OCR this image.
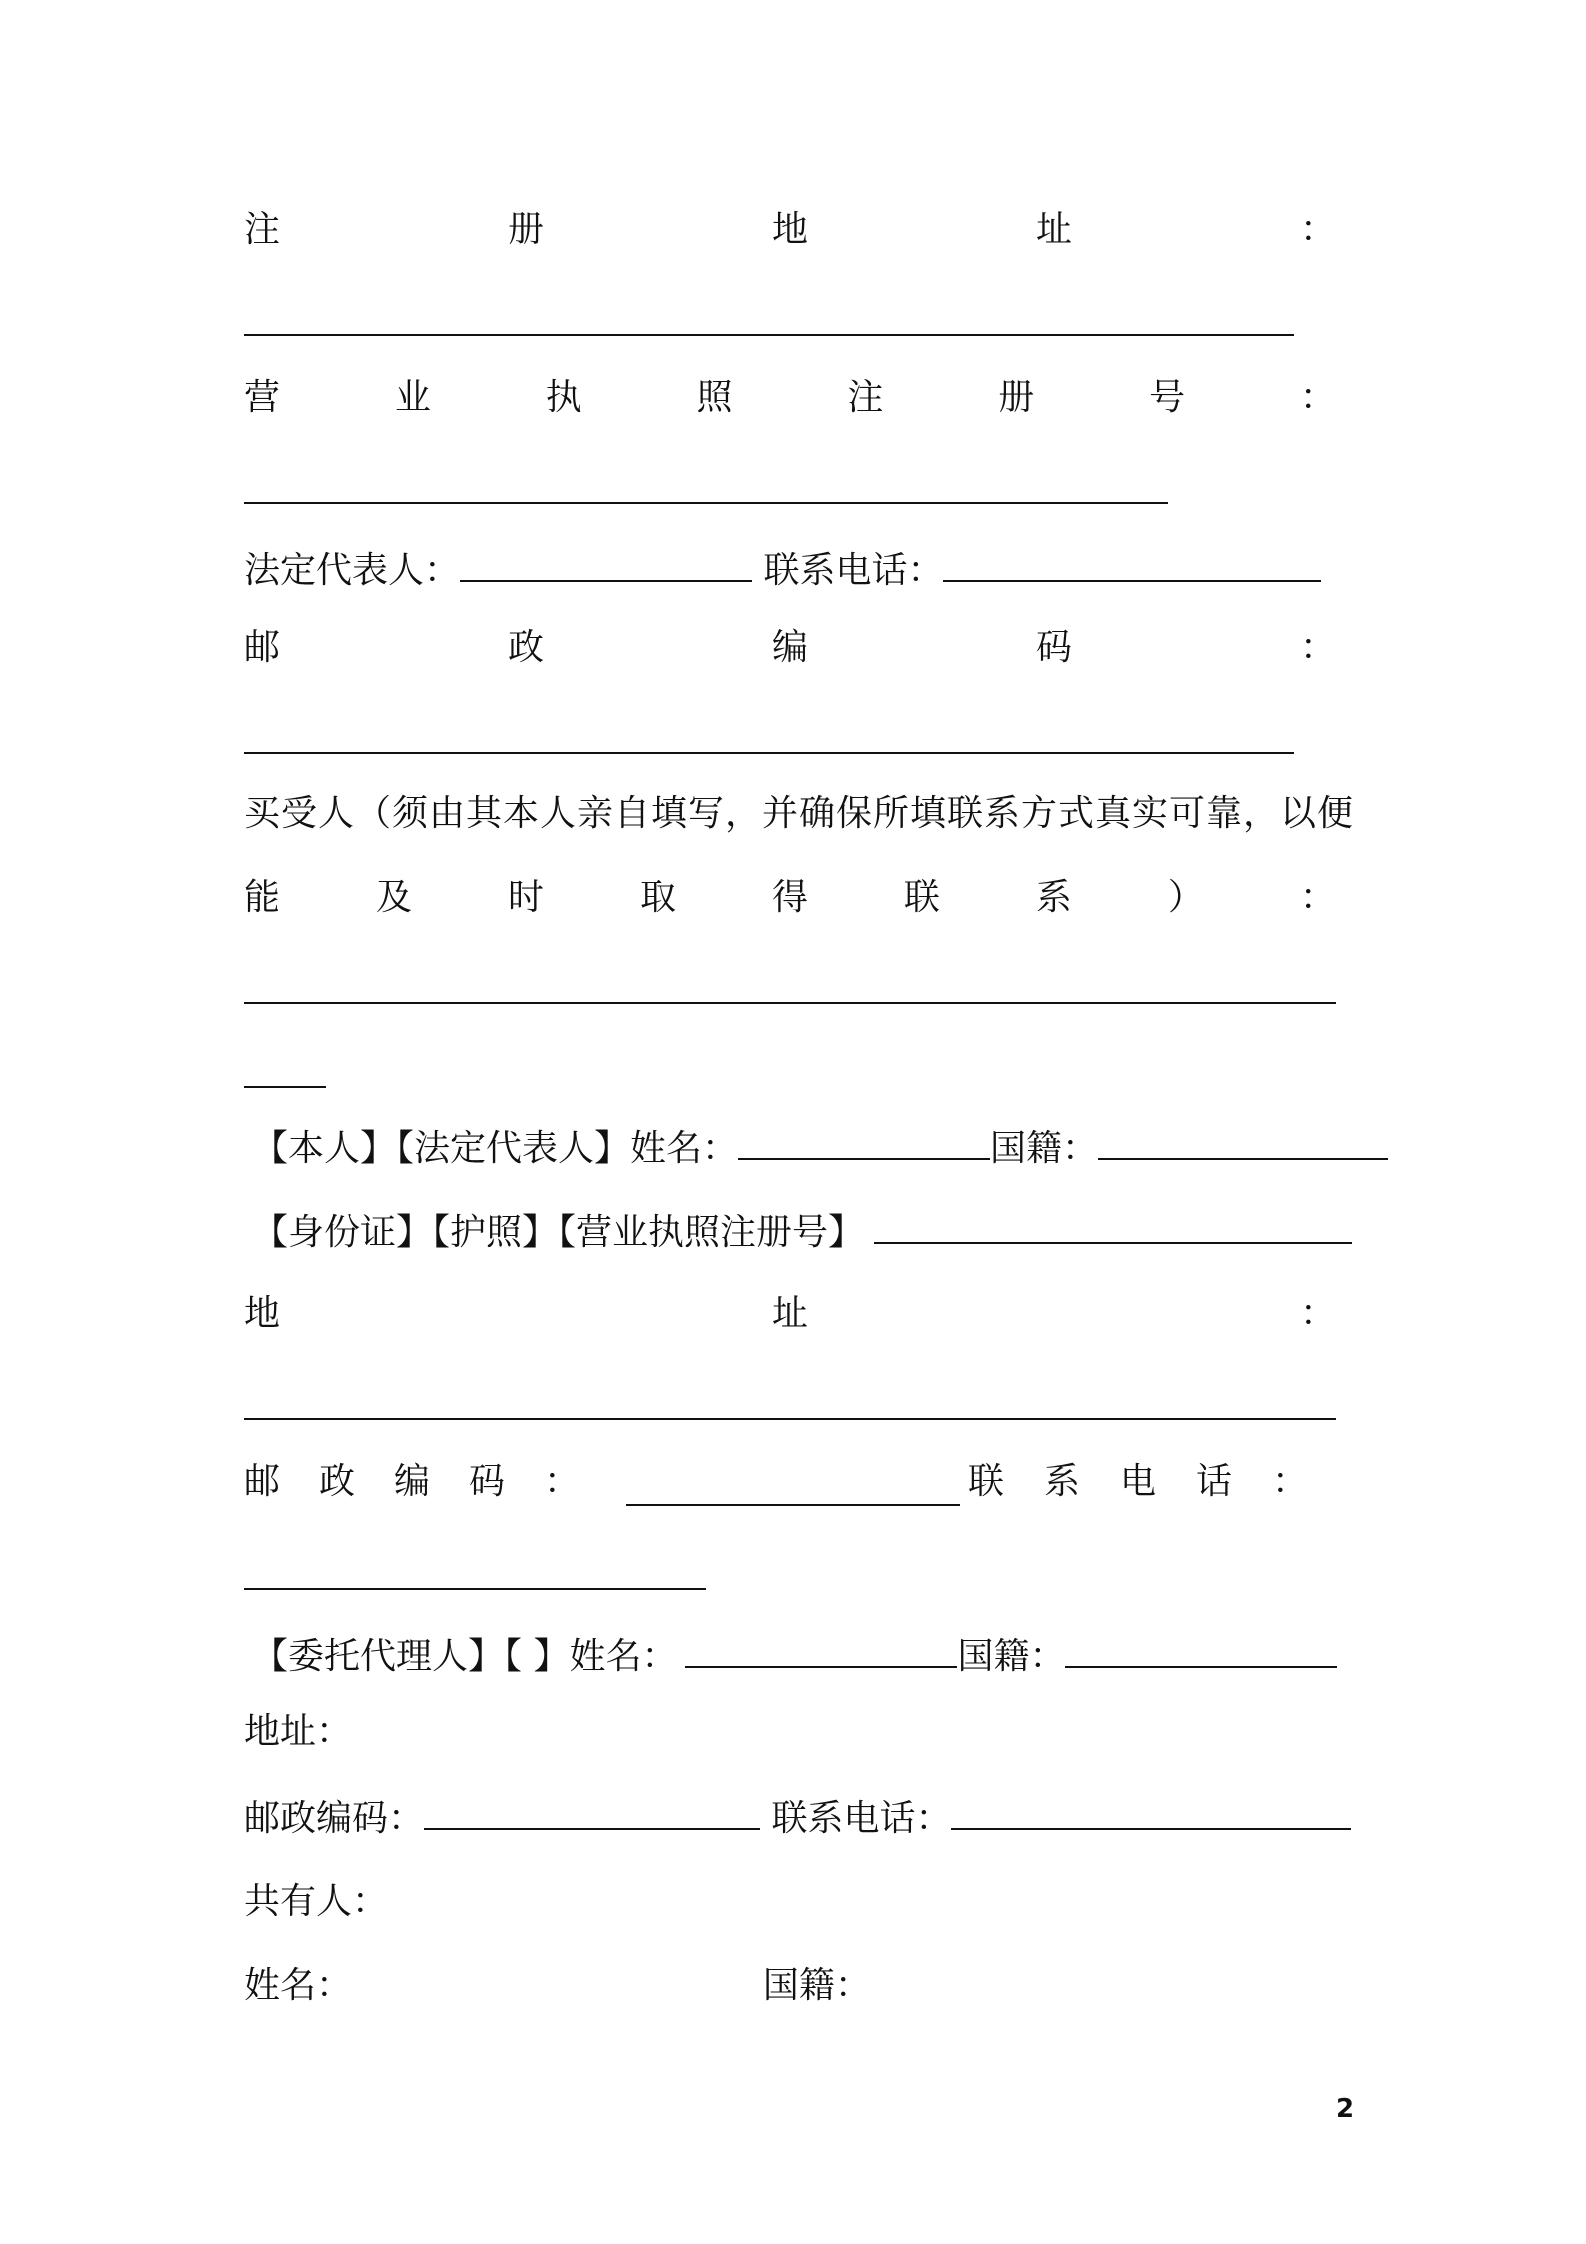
注	册	地	址	：
营	业	执	照	注	册	号	：
法定代表人：	联系电话：
邮	政	编	码	：
买受人（须由其本人亲自填写，并确保所填联系方式真实可靠，以便
能	及	时	取	得	联	系	）	：
【本人】【法定代表人】姓名：	国籍：
【身份证】【护照】【营业执照注册号】
地	址	：
邮 政 编 码 ：	联 系 电 话 ：
【委托代理人】【 】姓名：	国籍：
地址：
邮政编码：	联系电话：
共有人：
姓名：	国籍：
2
